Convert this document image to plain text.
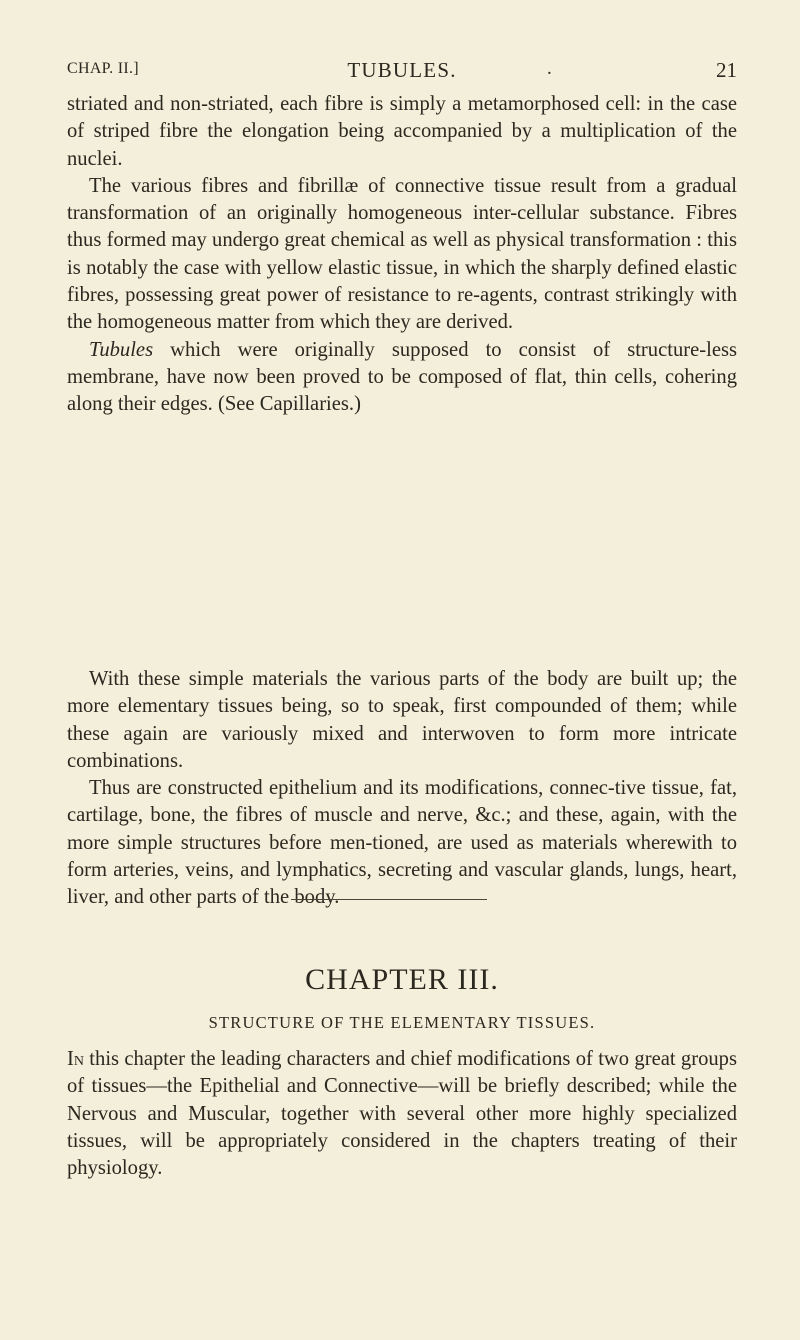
CHAP. II.]	TUBULES.	.	21

striated and non-striated, each fibre is simply a metamorphosed cell: in the case of striped fibre the elongation being accompanied by a multiplication of the nuclei.

The various fibres and fibrillæ of connective tissue result from a gradual transformation of an originally homogeneous inter-cellular substance. Fibres thus formed may undergo great chemical as well as physical transformation : this is notably the case with yellow elastic tissue, in which the sharply defined elastic fibres, possessing great power of resistance to re-agents, contrast strikingly with the homogeneous matter from which they are derived.

Tubules which were originally supposed to consist of structure-less membrane, have now been proved to be composed of flat, thin cells, cohering along their edges. (See Capillaries.)

With these simple materials the various parts of the body are built up; the more elementary tissues being, so to speak, first compounded of them; while these again are variously mixed and interwoven to form more intricate combinations.

Thus are constructed epithelium and its modifications, connec-tive tissue, fat, cartilage, bone, the fibres of muscle and nerve, &c.; and these, again, with the more simple structures before men-tioned, are used as materials wherewith to form arteries, veins, and lymphatics, secreting and vascular glands, lungs, heart, liver, and other parts of the body.

CHAPTER III.
STRUCTURE OF THE ELEMENTARY TISSUES.

In this chapter the leading characters and chief modifications of two great groups of tissues—the Epithelial and Connective—will be briefly described; while the Nervous and Muscular, together with several other more highly specialized tissues, will be appropriately considered in the chapters treating of their physiology.
